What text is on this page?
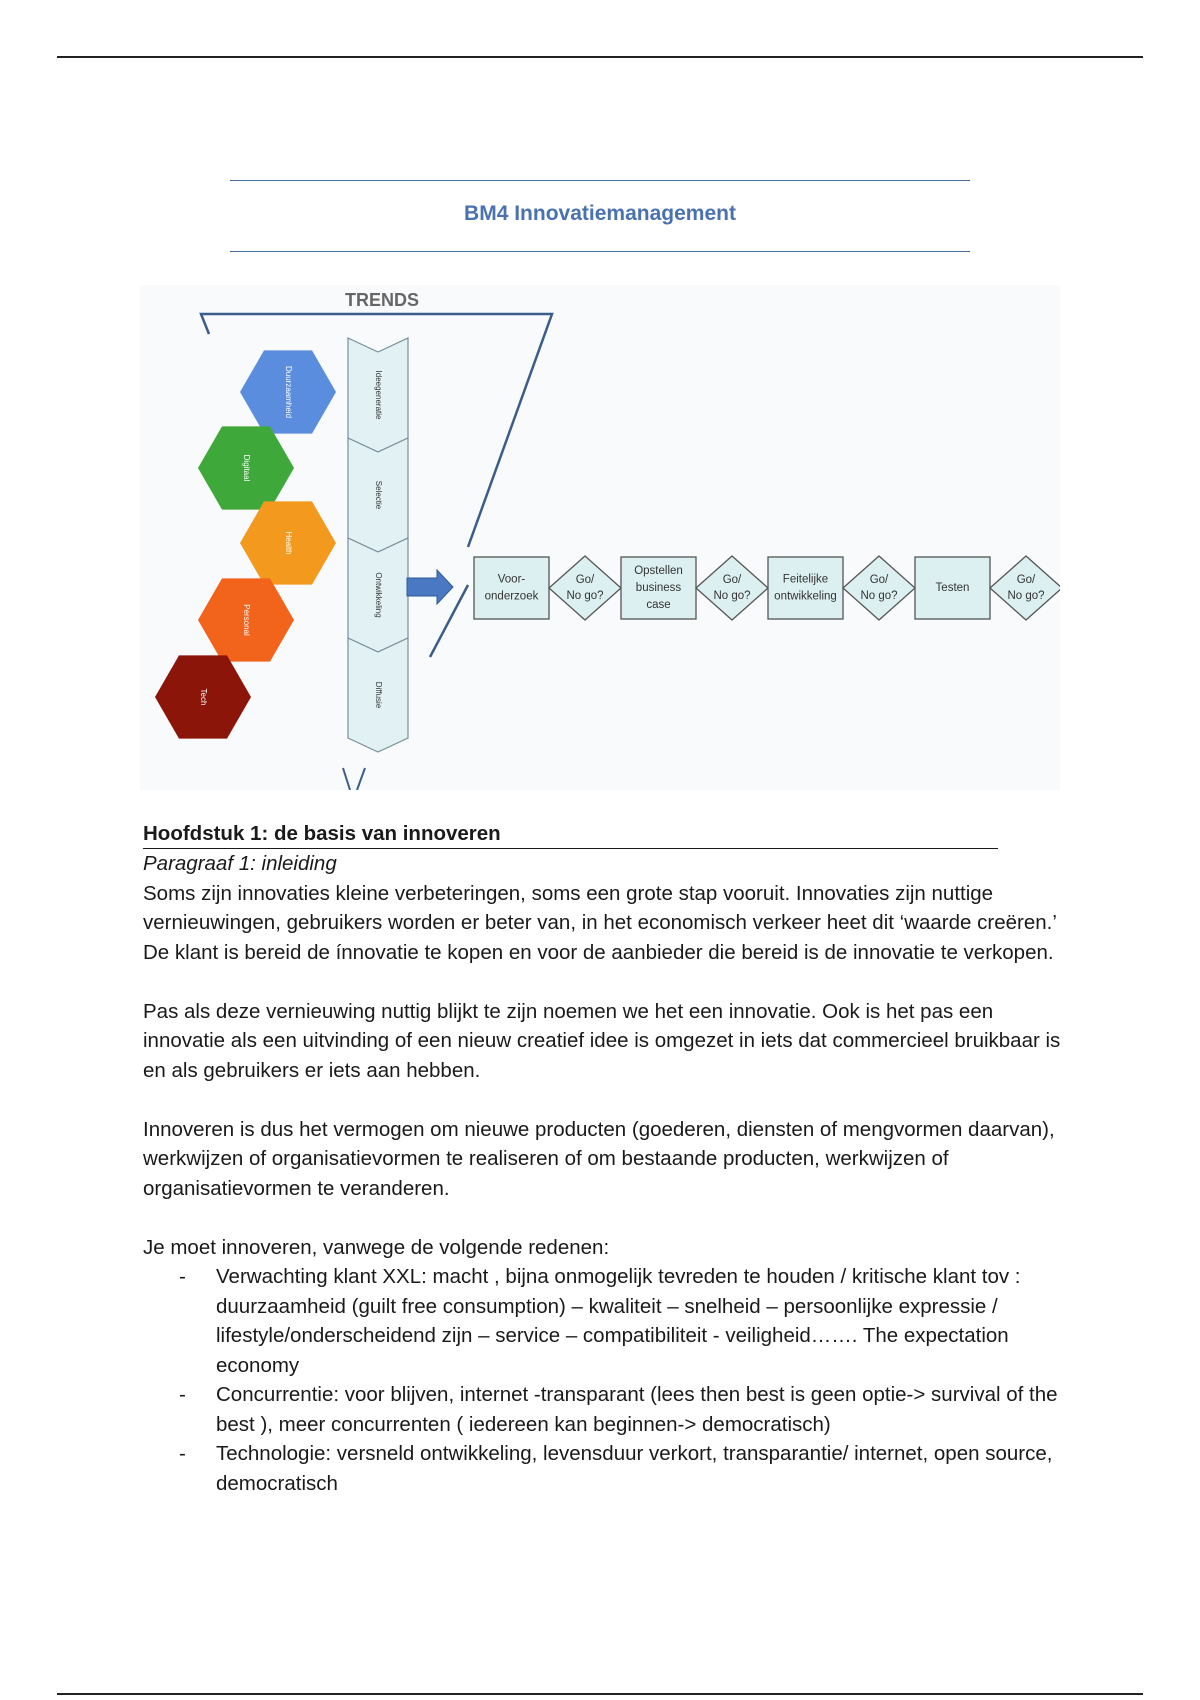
BM4 Innovatiemanagement
TRENDS
Duurzaamheid
Digitaal
Health
Personal
Tech
Ideegeneratie
Selectie
Ontwikkeling
Diffusie
Voor-
onderzoek
Go/
No go?
Opstellen
business
case
Go/
No go?
Feitelijke
ontwikkeling
Go/
No go?
Testen
Go/
No go?
Hoofdstuk 1: de basis van innoveren
Paragraaf 1: inleiding

Soms zijn innovaties kleine verbeteringen, soms een grote stap vooruit. Innovaties zijn nuttige vernieuwingen, gebruikers worden er beter van, in het economisch verkeer heet dit ‘waarde creëren.’ De klant is bereid de ínnovatie te kopen en voor de aanbieder die bereid is de innovatie te verkopen.

Pas als deze vernieuwing nuttig blijkt te zijn noemen we het een innovatie. Ook is het pas een innovatie als een uitvinding of een nieuw creatief idee is omgezet in iets dat commercieel bruikbaar is en als gebruikers er iets aan hebben.

Innoveren is dus het vermogen om nieuwe producten (goederen, diensten of mengvormen daarvan), werkwijzen of organisatievormen te realiseren of om bestaande producten, werkwijzen of organisatievormen te veranderen.

Je moet innoveren, vanwege de volgende redenen:

- Verwachting klant XXL: macht , bijna onmogelijk tevreden te houden / kritische klant tov : duurzaamheid (guilt free consumption) – kwaliteit – snelheid – persoonlijke expressie / lifestyle/onderscheidend zijn – service – compatibiliteit - veiligheid……. The expectation economy
- Concurrentie: voor blijven, internet -transparant (lees then best is geen optie-> survival of the best ), meer concurrenten ( iedereen kan beginnen-> democratisch)
- Technologie: versneld ontwikkeling, levensduur verkort, transparantie/ internet, open source, democratisch
